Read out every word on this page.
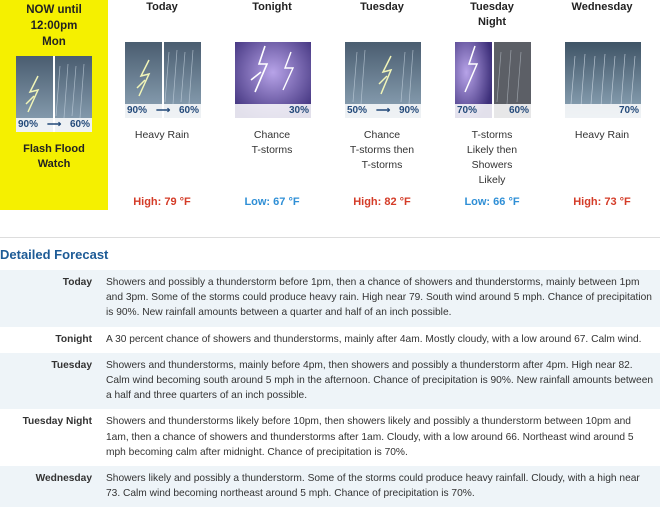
NOW until
12:00pm
Mon
90% ⟶ 60%
Flash Flood
Watch
Today
90% ⟶ 60%
Heavy Rain
High: 79 °F
Tonight
30%
Chance
T-storms
Low: 67 °F
Tuesday
50% ⟶ 90%
Chance
T-storms then
T-storms
High: 82 °F
Tuesday
Night
70%	60%
T-storms
Likely then
Showers
Likely
Low: 66 °F
Wednesday
70%
Heavy Rain
High: 73 °F
Detailed Forecast
Today	Showers and possibly a thunderstorm before 1pm, then a chance of showers and thunderstorms, mainly between 1pm and 3pm. Some of the storms could produce heavy rain. High near 79. South wind around 5 mph. Chance of precipitation is 90%. New rainfall amounts between a quarter and half of an inch possible.
Tonight	A 30 percent chance of showers and thunderstorms, mainly after 4am. Mostly cloudy, with a low around 67. Calm wind.
Tuesday	Showers and thunderstorms, mainly before 4pm, then showers and possibly a thunderstorm after 4pm. High near 82. Calm wind becoming south around 5 mph in the afternoon. Chance of precipitation is 90%. New rainfall amounts between a half and three quarters of an inch possible.
Tuesday Night	Showers and thunderstorms likely before 10pm, then showers likely and possibly a thunderstorm between 10pm and 1am, then a chance of showers and thunderstorms after 1am. Cloudy, with a low around 66. Northeast wind around 5 mph becoming calm after midnight. Chance of precipitation is 70%.
Wednesday	Showers likely and possibly a thunderstorm. Some of the storms could produce heavy rainfall. Cloudy, with a high near 73. Calm wind becoming northeast around 5 mph. Chance of precipitation is 70%.
